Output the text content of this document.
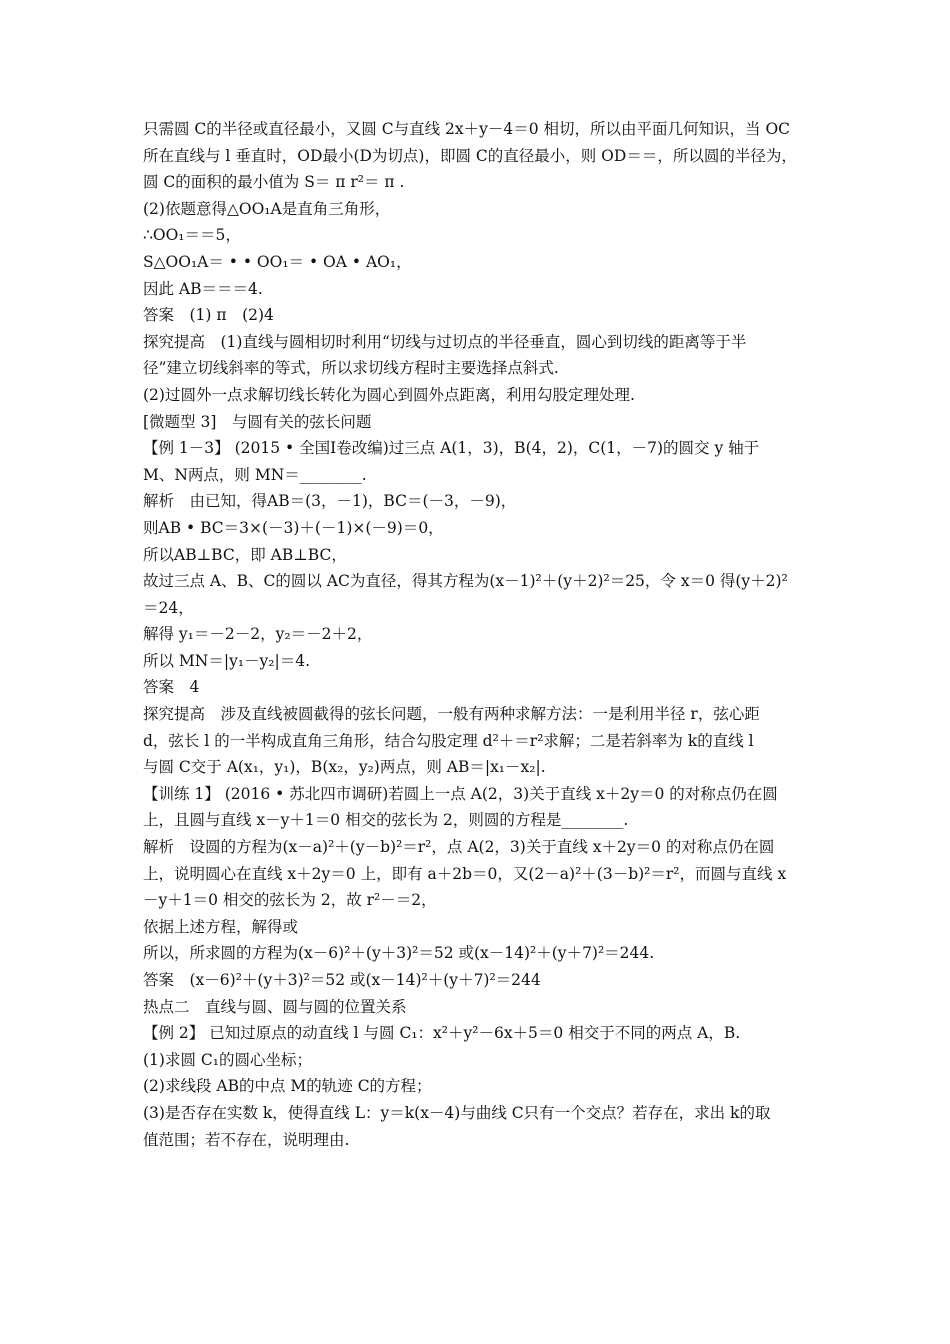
只需圆 C的半径或直径最小，又圆 C与直线 2x＋y－4＝0 相切，所以由平面几何知识，当 OC
所在直线与 l 垂直时，OD最小(D为切点)，即圆 C的直径最小，则 OD＝＝，所以圆的半径为，
圆 C的面积的最小值为 S＝ π r²＝ π .
(2)依题意得△OO₁A是直角三角形，
∴OO₁＝＝5，
S△OO₁A＝ • • OO₁＝ • OA • AO₁，
因此 AB＝＝＝4.
答案　(1) π　(2)4
探究提高　(1)直线与圆相切时利用“切线与过切点的半径垂直，圆心到切线的距离等于半
径”建立切线斜率的等式，所以求切线方程时主要选择点斜式.
(2)过圆外一点求解切线长转化为圆心到圆外点距离，利用勾股定理处理.
[微题型 3]　与圆有关的弦长问题
【例 1－3】 (2015 • 全国Ⅰ卷改编)过三点 A(1，3)，B(4，2)，C(1，－7)的圆交 y 轴于
M、N两点，则 MN＝________.
解析　由已知，得AB＝(3，－1)，BC＝(－3，－9)，
则AB • BC＝3×(－3)＋(－1)×(－9)＝0，
所以AB⊥BC，即 AB⊥BC，
故过三点 A、B、C的圆以 AC为直径，得其方程为(x－1)²＋(y＋2)²＝25，令 x＝0 得(y＋2)²
＝24，
解得 y₁＝－2－2，y₂＝－2＋2，
所以 MN＝|y₁－y₂|＝4.
答案　4
探究提高　涉及直线被圆截得的弦长问题，一般有两种求解方法：一是利用半径 r，弦心距
d，弦长 l 的一半构成直角三角形，结合勾股定理 d²＋＝r²求解；二是若斜率为 k的直线 l
与圆 C交于 A(x₁，y₁)，B(x₂，y₂)两点，则 AB＝|x₁－x₂|.
【训练 1】 (2016 • 苏北四市调研)若圆上一点 A(2，3)关于直线 x＋2y＝0 的对称点仍在圆
上，且圆与直线 x－y＋1＝0 相交的弦长为 2，则圆的方程是________.
解析　设圆的方程为(x－a)²＋(y－b)²＝r²，点 A(2，3)关于直线 x＋2y＝0 的对称点仍在圆
上，说明圆心在直线 x＋2y＝0 上，即有 a＋2b＝0，又(2－a)²＋(3－b)²＝r²，而圆与直线 x
－y＋1＝0 相交的弦长为 2，故 r²－＝2，
依据上述方程，解得或
所以，所求圆的方程为(x－6)²＋(y＋3)²＝52 或(x－14)²＋(y＋7)²＝244.
答案　(x－6)²＋(y＋3)²＝52 或(x－14)²＋(y＋7)²＝244
热点二　直线与圆、圆与圆的位置关系
【例 2】 已知过原点的动直线 l 与圆 C₁：x²＋y²－6x＋5＝0 相交于不同的两点 A，B.
(1)求圆 C₁的圆心坐标；
(2)求线段 AB的中点 M的轨迹 C的方程；
(3)是否存在实数 k，使得直线 L：y＝k(x－4)与曲线 C只有一个交点？若存在，求出 k的取
值范围；若不存在，说明理由.
